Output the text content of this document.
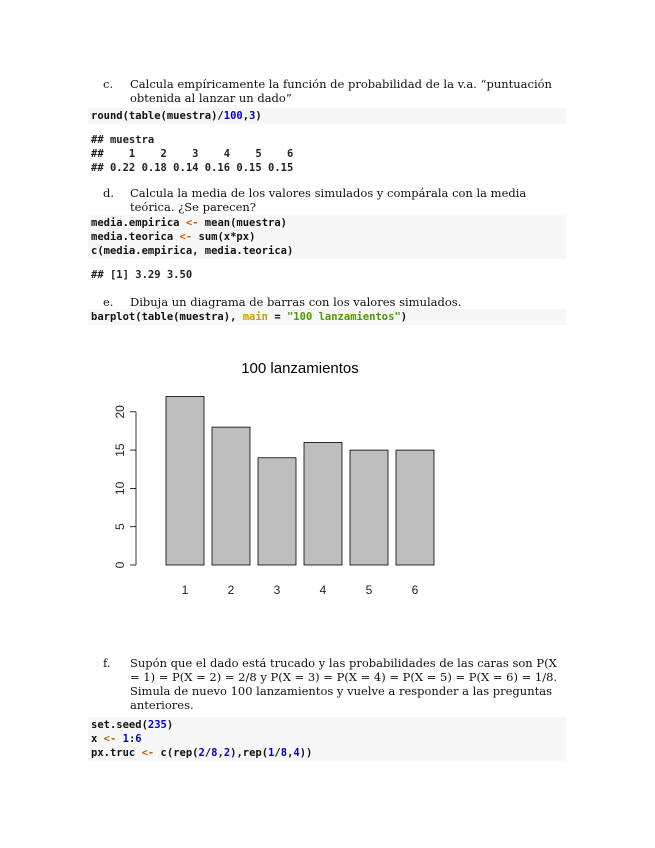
c. Calcula empíricamente la función de probabilidad de la v.a. “puntuación obtenida al lanzar un dado”
round(table(muestra)/100,3)
## muestra
##    1    2    3    4    5    6
## 0.22 0.18 0.14 0.16 0.15 0.15
d. Calcula la media de los valores simulados y compárala con la media teórica. ¿Se parecen?
media.empirica <- mean(muestra)
media.teorica <- sum(x*px)
c(media.empirica, media.teorica)
## [1] 3.29 3.50
e. Dibuja un diagrama de barras con los valores simulados.
barplot(table(muestra), main = "100 lanzamientos")
100 lanzamientos
0
5
10
15
20
1	2	3	4	5	6
f. Supón que el dado está trucado y las probabilidades de las caras son P(X = 1) = P(X = 2) = 2/8 y P(X = 3) = P(X = 4) = P(X = 5) = P(X = 6) = 1/8. Simula de nuevo 100 lanzamientos y vuelve a responder a las preguntas anteriores.
set.seed(235)
x <- 1:6
px.truc <- c(rep(2/8,2),rep(1/8,4))
